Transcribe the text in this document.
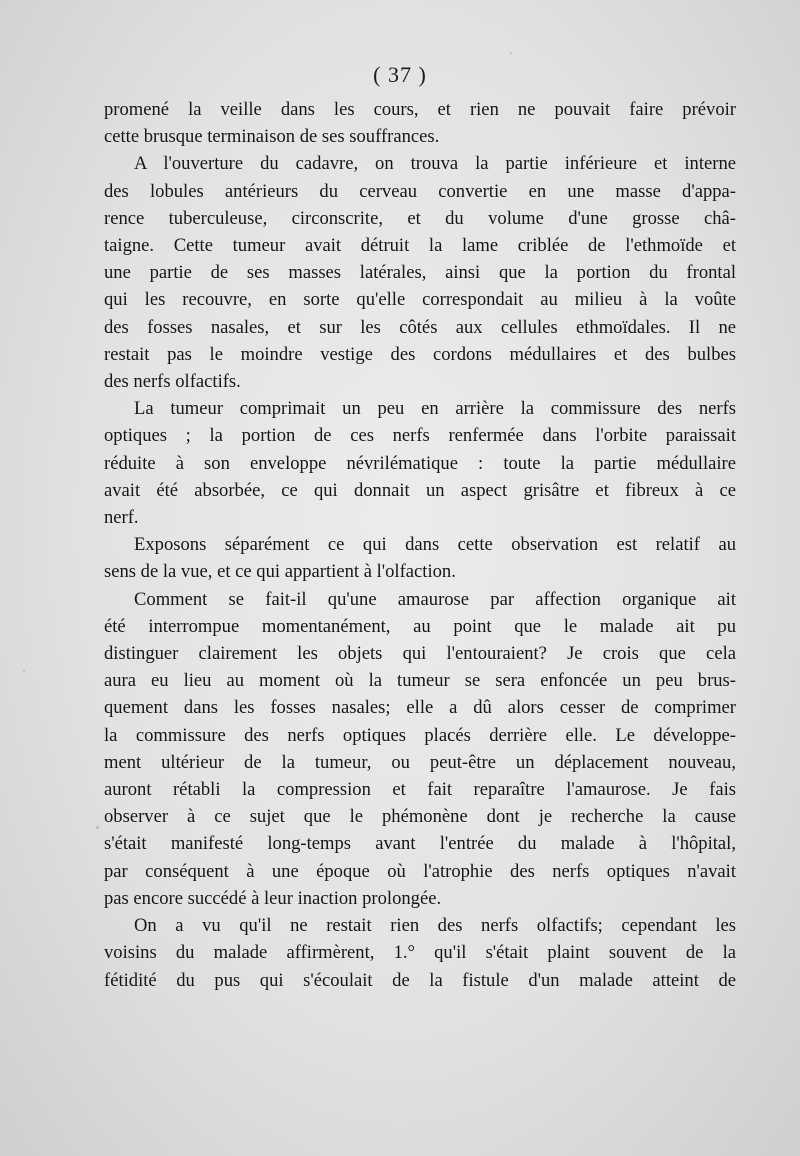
( 37 )
promené la veille dans les cours, et rien ne pouvait faire prévoir
cette brusque terminaison de ses souffrances.
A l'ouverture du cadavre, on trouva la partie inférieure et interne
des lobules antérieurs du cerveau convertie en une masse d'appa-
rence tuberculeuse, circonscrite, et du volume d'une grosse châ-
taigne. Cette tumeur avait détruit la lame criblée de l'ethmoïde et
une partie de ses masses latérales, ainsi que la portion du frontal
qui les recouvre, en sorte qu'elle correspondait au milieu à la voûte
des fosses nasales, et sur les côtés aux cellules ethmoïdales. Il ne
restait pas le moindre vestige des cordons médullaires et des bulbes
des nerfs olfactifs.
La tumeur comprimait un peu en arrière la commissure des nerfs
optiques ; la portion de ces nerfs renfermée dans l'orbite paraissait
réduite à son enveloppe névrilématique : toute la partie médullaire
avait été absorbée, ce qui donnait un aspect grisâtre et fibreux à ce
nerf.
Exposons séparément ce qui dans cette observation est relatif au
sens de la vue, et ce qui appartient à l'olfaction.
Comment se fait-il qu'une amaurose par affection organique ait
été interrompue momentanément, au point que le malade ait pu
distinguer clairement les objets qui l'entouraient? Je crois que cela
aura eu lieu au moment où la tumeur se sera enfoncée un peu brus-
quement dans les fosses nasales; elle a dû alors cesser de comprimer
la commissure des nerfs optiques placés derrière elle. Le développe-
ment ultérieur de la tumeur, ou peut-être un déplacement nouveau,
auront rétabli la compression et fait reparaître l'amaurose. Je fais
observer à ce sujet que le phémonène dont je recherche la cause
s'était manifesté long-temps avant l'entrée du malade à l'hôpital,
par conséquent à une époque où l'atrophie des nerfs optiques n'avait
pas encore succédé à leur inaction prolongée.
On a vu qu'il ne restait rien des nerfs olfactifs; cependant les
voisins du malade affirmèrent, 1.° qu'il s'était plaint souvent de la
fétidité du pus qui s'écoulait de la fistule d'un malade atteint de
